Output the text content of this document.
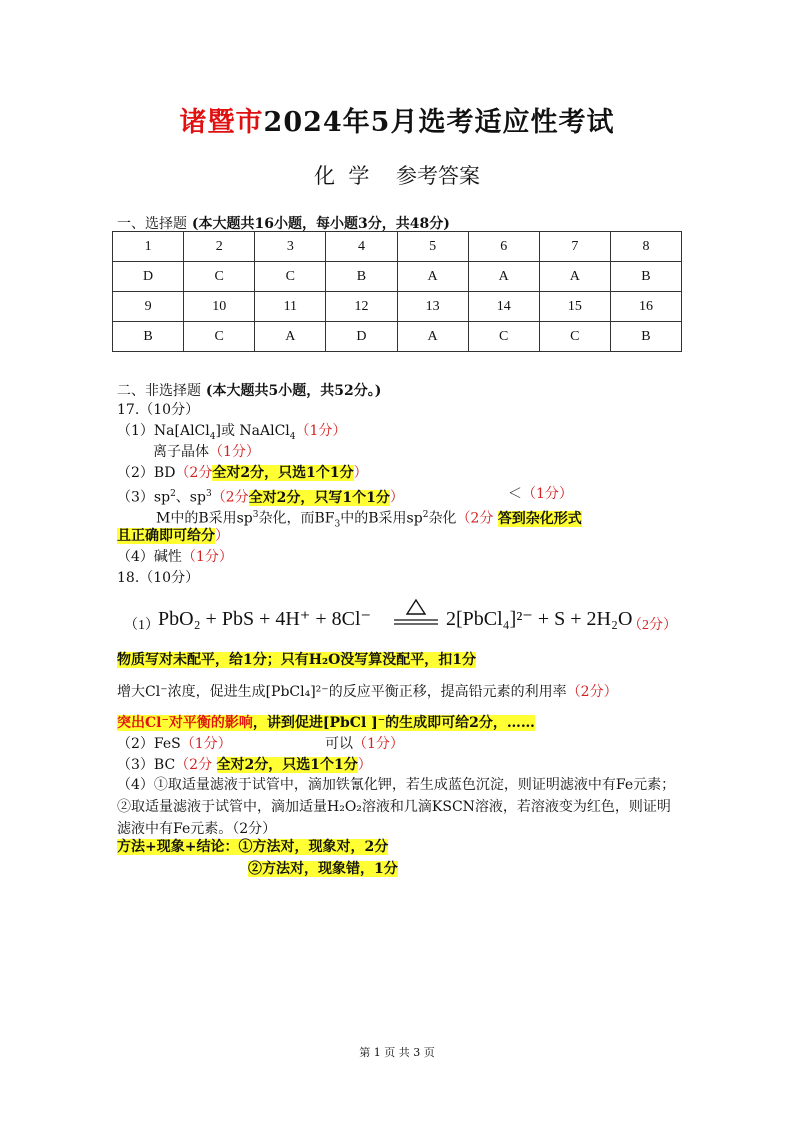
诸暨市2024年5月选考适应性考试
化  学    参考答案
一、选择题 (本大题共16小题，每小题3分，共48分)
1	2	3	4	5	6	7	8
D	C	C	B	A	A	A	B
9	10	11	12	13	14	15	16
B	C	A	D	A	C	C	B
二、非选择题 (本大题共5小题，共52分。)
17.（10分）
（1）Na[AlCl$_4$]或 NaAlCl$_4$（1分）
离子晶体（1分）
（2）BD（2分全对2分，只选1个1分）
$(3)sp^2$、$sp^3(2$分全对2分，只写1个1分）	＜（1分）
M中的B采用$sp^3$杂化，而$BF_3$中的B采用$sp^2$杂化（2分 答到杂化形式
且正确即可给分）
（4）碱性（1分）
18.（10分）
（1） PbO₂ + PbS + 4H⁺ + 8Cl⁻	2[PbCl₄]²⁻ + S + 2H₂O
（2分）
物质写对未配平，给1分；只有H₂O没写算没配平，扣1分
增大Cl⁻浓度，促进生成[PbCl₄]²⁻的反应平衡正移，提高铅元素的利用率（2分）
突出Cl⁻对平衡的影响，讲到促进[PbCl ]⁻的生成即可给2分，……
（2）FeS（1分）	可以（1分）
（3）BC（2分 全对2分，只选1个1分）
（4）①取适量滤液于试管中，滴加铁氰化钾，若生成蓝色沉淀，则证明滤液中有Fe元素；②取适量滤液于试管中，滴加适量H₂O₂溶液和几滴KSCN溶液，若溶液变为红色，则证明滤液中有Fe元素。（2分）
方法+现象+结论：①方法对，现象对，2分
②方法对，现象错，1分
第 1 页 共 3 页
